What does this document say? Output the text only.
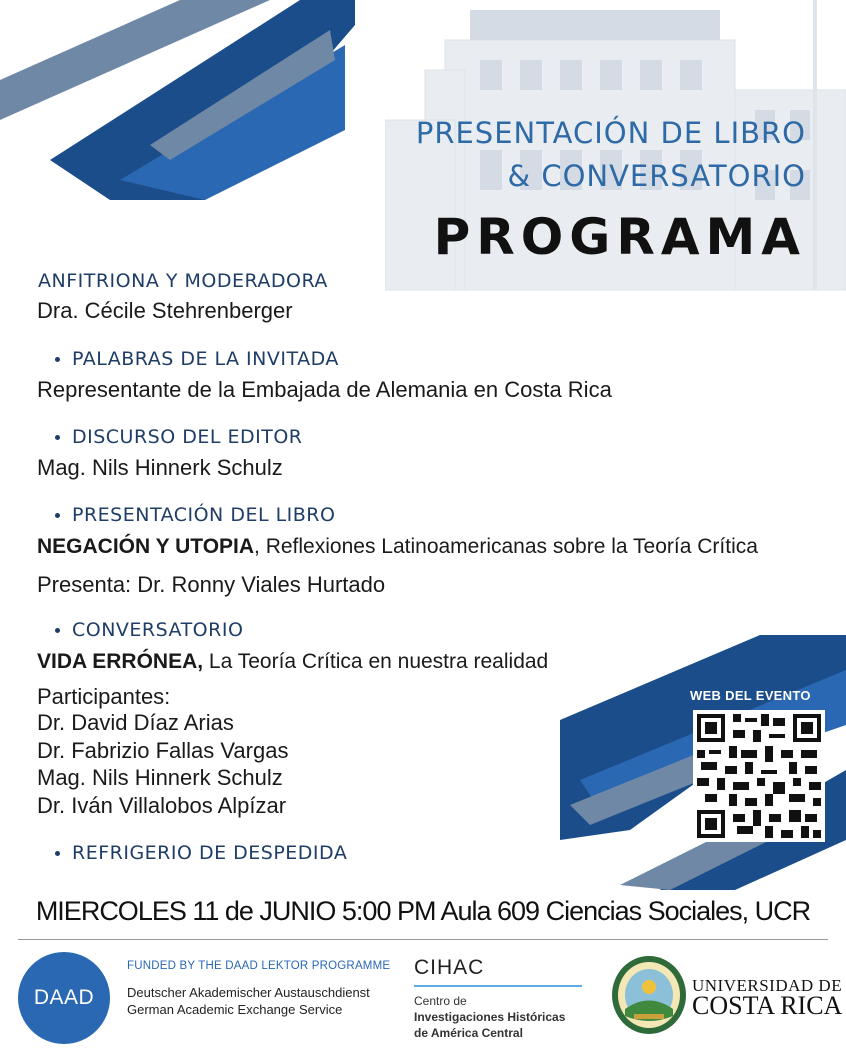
PRESENTACIÓN DE LIBRO
& CONVERSATORIO
PROGRAMA
ANFITRIONA Y MODERADORA
Dra. Cécile Stehrenberger
PALABRAS DE LA INVITADA
Representante de la Embajada de Alemania en Costa Rica
DISCURSO DEL EDITOR
Mag. Nils Hinnerk Schulz
PRESENTACIÓN DEL LIBRO
NEGACIÓN Y UTOPIA, Reflexiones Latinoamericanas sobre la Teoría Crítica
Presenta: Dr. Ronny Viales Hurtado
CONVERSATORIO
VIDA ERRÓNEA, La Teoría Crítica en nuestra realidad
Participantes:
Dr. David Díaz Arias
Dr. Fabrizio Fallas Vargas
Mag. Nils Hinnerk Schulz
Dr. Iván Villalobos Alpízar
REFRIGERIO DE DESPEDIDA
WEB DEL EVENTO
MIERCOLES 11 de JUNIO 5:00 PM Aula 609 Ciencias Sociales, UCR
DAAD
FUNDED BY THE DAAD LEKTOR PROGRAMME
Deutscher Akademischer Austauschdienst
German Academic Exchange Service
CIHAC
Centro de
Investigaciones Históricas
de América Central
UNIVERSIDAD DE
COSTA RICA
